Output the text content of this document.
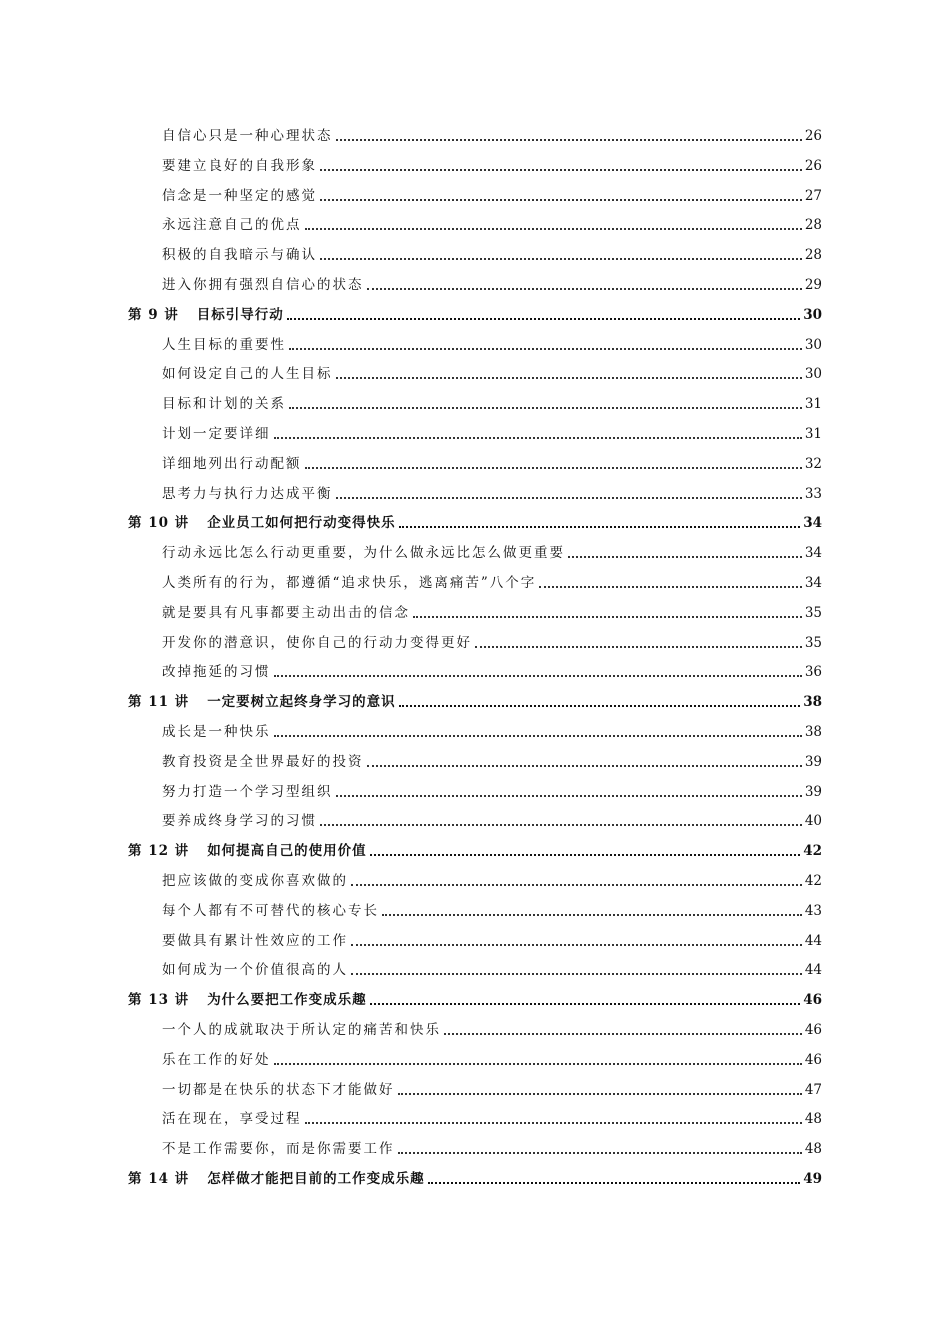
自信心只是一种心理状态	26
要建立良好的自我形象	26
信念是一种坚定的感觉	27
永远注意自己的优点	28
积极的自我暗示与确认	28
进入你拥有强烈自信心的状态	29
第 9 讲 目标引导行动	30
人生目标的重要性	30
如何设定自己的人生目标	30
目标和计划的关系	31
计划一定要详细	31
详细地列出行动配额	32
思考力与执行力达成平衡	33
第 10 讲 企业员工如何把行动变得快乐	34
行动永远比怎么行动更重要，为什么做永远比怎么做更重要	34
人类所有的行为，都遵循“追求快乐，逃离痛苦”八个字	34
就是要具有凡事都要主动出击的信念	35
开发你的潜意识，使你自己的行动力变得更好	35
改掉拖延的习惯	36
第 11 讲 一定要树立起终身学习的意识	38
成长是一种快乐	38
教育投资是全世界最好的投资	39
努力打造一个学习型组织	39
要养成终身学习的习惯	40
第 12 讲 如何提高自己的使用价值	42
把应该做的变成你喜欢做的	42
每个人都有不可替代的核心专长	43
要做具有累计性效应的工作	44
如何成为一个价值很高的人	44
第 13 讲 为什么要把工作变成乐趣	46
一个人的成就取决于所认定的痛苦和快乐	46
乐在工作的好处	46
一切都是在快乐的状态下才能做好	47
活在现在，享受过程	48
不是工作需要你，而是你需要工作	48
第 14 讲 怎样做才能把目前的工作变成乐趣	49
